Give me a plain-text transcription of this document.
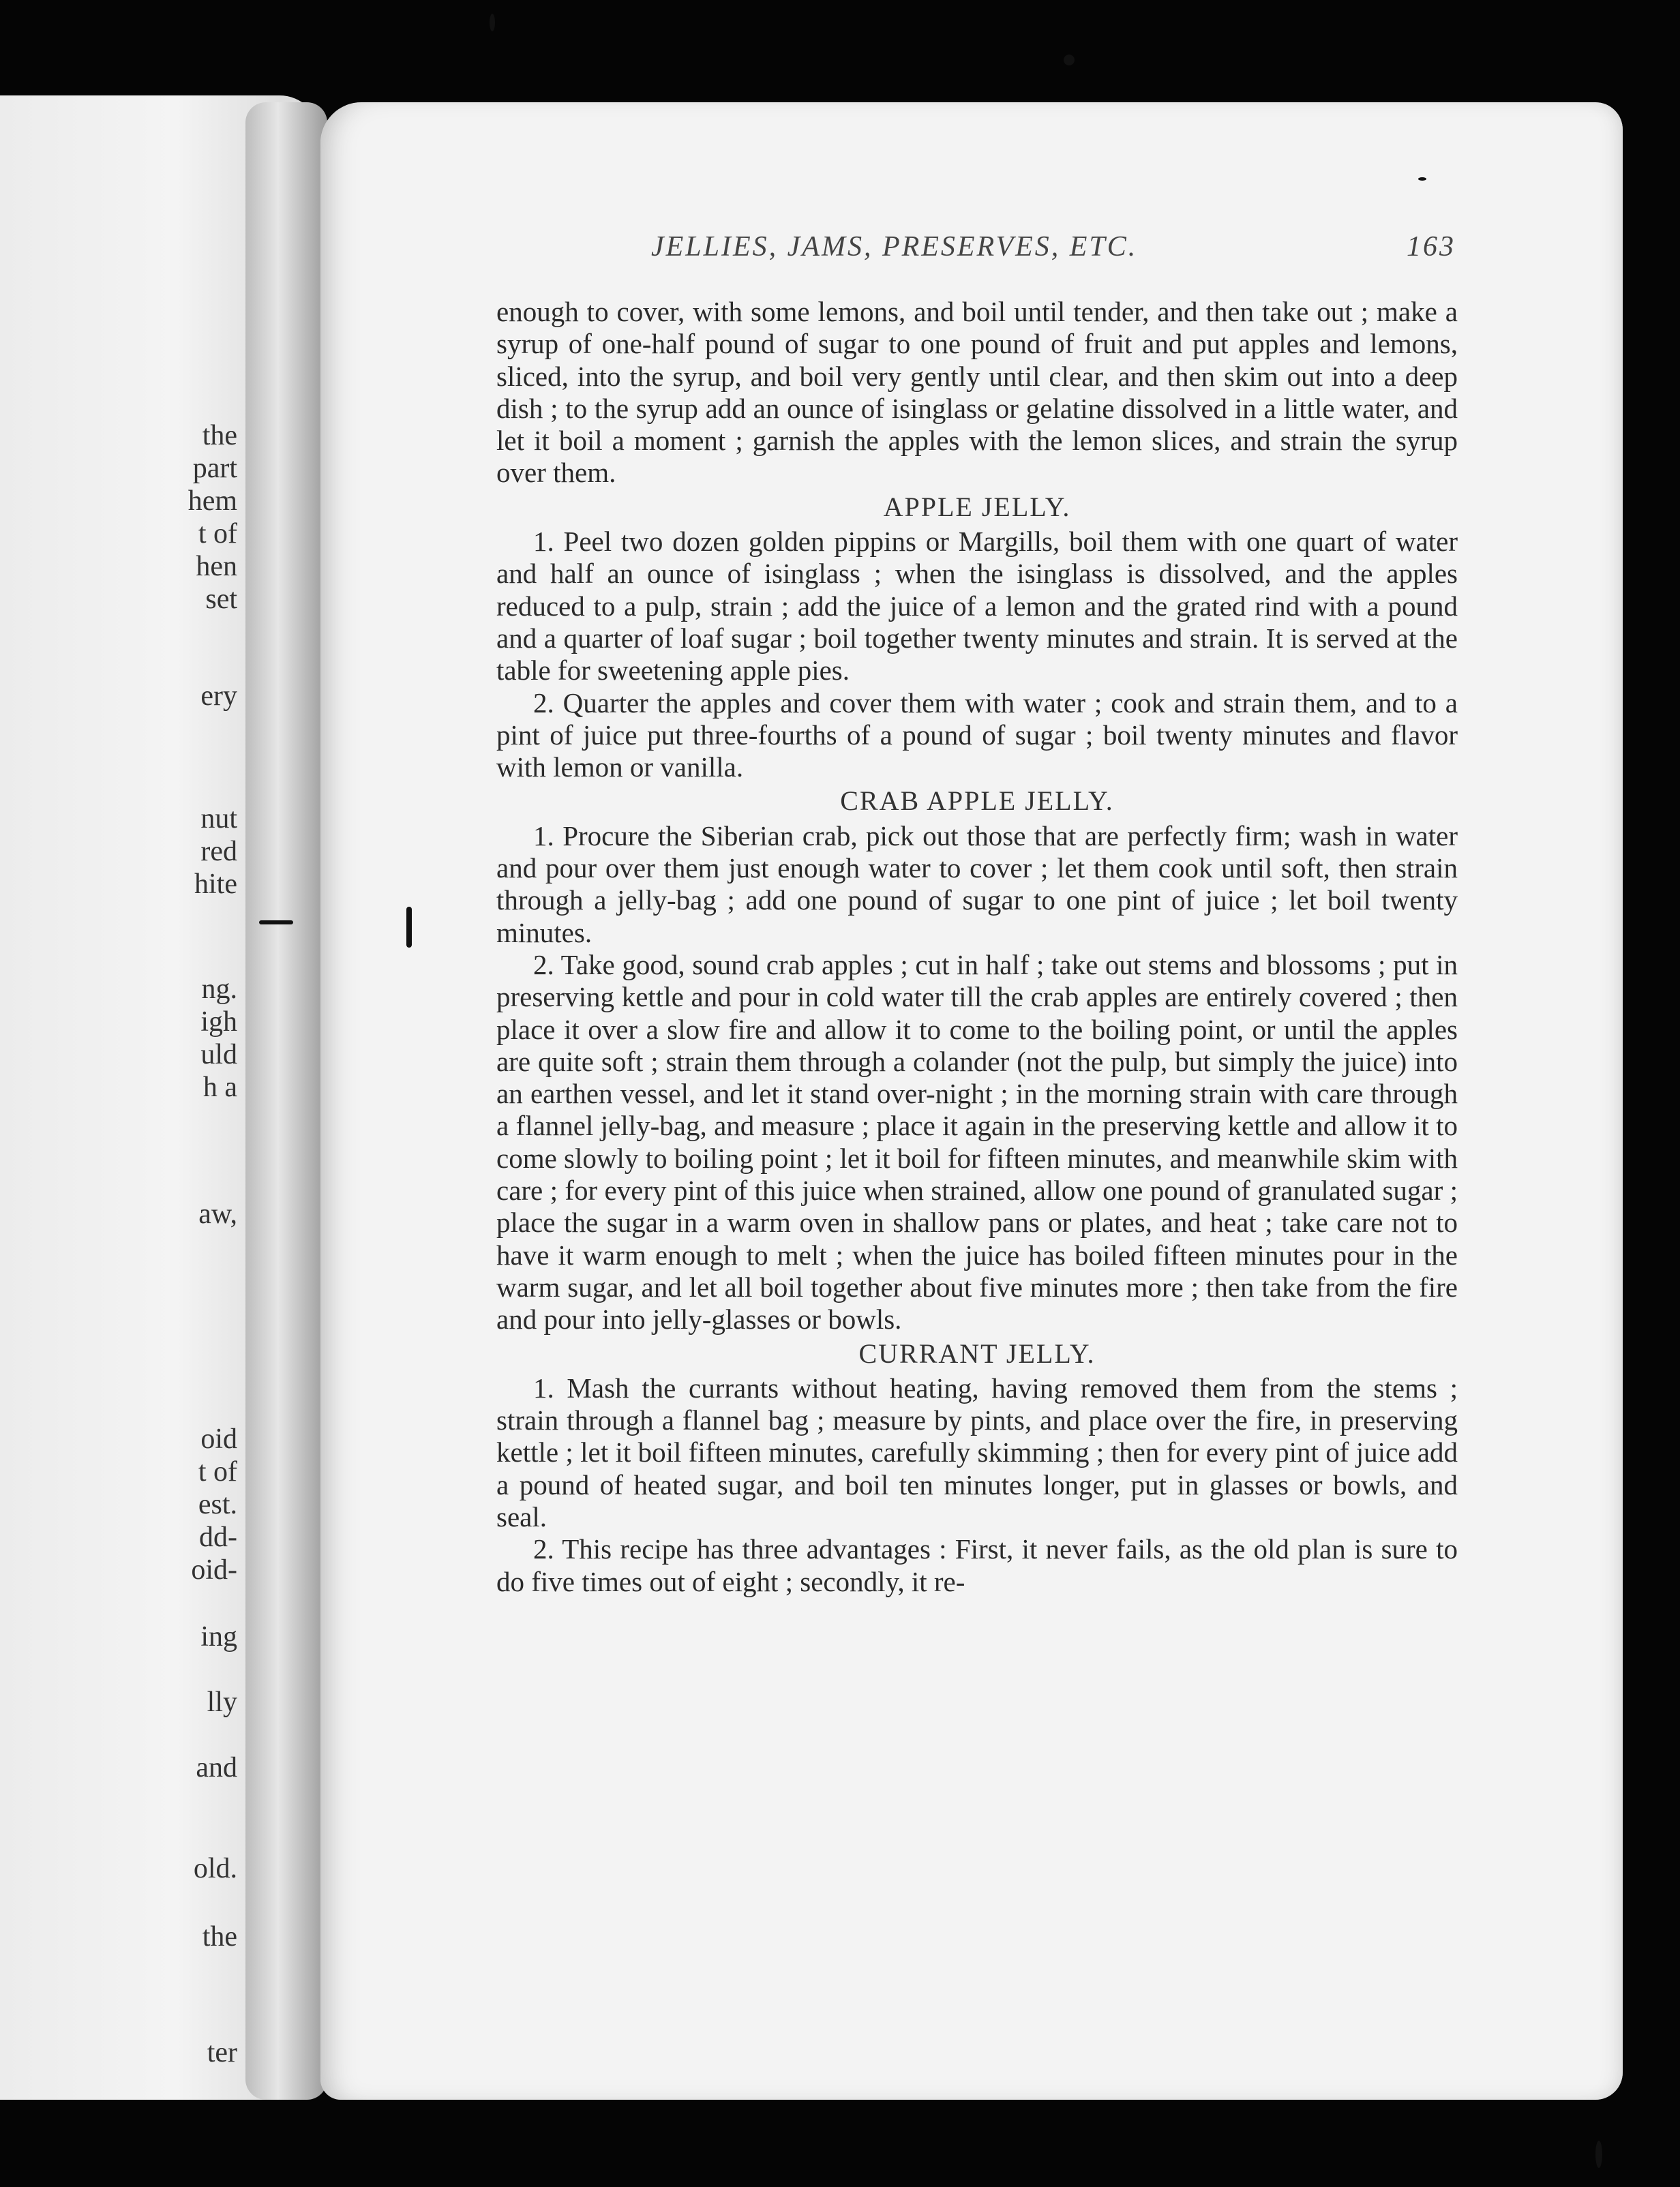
the
part
hem
t of
hen
set
ery
nut
red
hite
ng.
igh
uld
h a
aw,
oid
t of
est.
dd-
oid-
ing
lly
and
old.
the
ter
JELLIES, JAMS, PRESERVES, ETC.	163

enough to cover, with some lemons, and boil until tender, and then take out ; make a syrup of one-half pound of sugar to one pound of fruit and put apples and lemons, sliced, into the syrup, and boil very gently until clear, and then skim out into a deep dish ; to the syrup add an ounce of isinglass or gelatine dissolved in a little water, and let it boil a moment ; garnish the apples with the lemon slices, and strain the syrup over them.

APPLE JELLY.

1. Peel two dozen golden pippins or Margills, boil them with one quart of water and half an ounce of isinglass ; when the isinglass is dissolved, and the apples reduced to a pulp, strain ; add the juice of a lemon and the grated rind with a pound and a quarter of loaf sugar ; boil together twenty minutes and strain. It is served at the table for sweetening apple pies.

2. Quarter the apples and cover them with water ; cook and strain them, and to a pint of juice put three-fourths of a pound of sugar ; boil twenty minutes and flavor with lemon or vanilla.

CRAB APPLE JELLY.

1. Procure the Siberian crab, pick out those that are perfectly firm; wash in water and pour over them just enough water to cover ; let them cook until soft, then strain through a jelly-bag ; add one pound of sugar to one pint of juice ; let boil twenty minutes.

2. Take good, sound crab apples ; cut in half ; take out stems and blossoms ; put in preserving kettle and pour in cold water till the crab apples are entirely covered ; then place it over a slow fire and allow it to come to the boiling point, or until the apples are quite soft ; strain them through a colander (not the pulp, but simply the juice) into an earthen vessel, and let it stand over-night ; in the morning strain with care through a flannel jelly-bag, and measure ; place it again in the preserving kettle and allow it to come slowly to boiling point ; let it boil for fifteen minutes, and meanwhile skim with care ; for every pint of this juice when strained, allow one pound of granulated sugar ; place the sugar in a warm oven in shallow pans or plates, and heat ; take care not to have it warm enough to melt ; when the juice has boiled fifteen minutes pour in the warm sugar, and let all boil together about five minutes more ; then take from the fire and pour into jelly-glasses or bowls.

CURRANT JELLY.

1. Mash the currants without heating, having removed them from the stems ; strain through a flannel bag ; measure by pints, and place over the fire, in preserving kettle ; let it boil fifteen minutes, carefully skimming ; then for every pint of juice add a pound of heated sugar, and boil ten minutes longer, put in glasses or bowls, and seal.

2. This recipe has three advantages : First, it never fails, as the old plan is sure to do five times out of eight ; secondly, it re-
